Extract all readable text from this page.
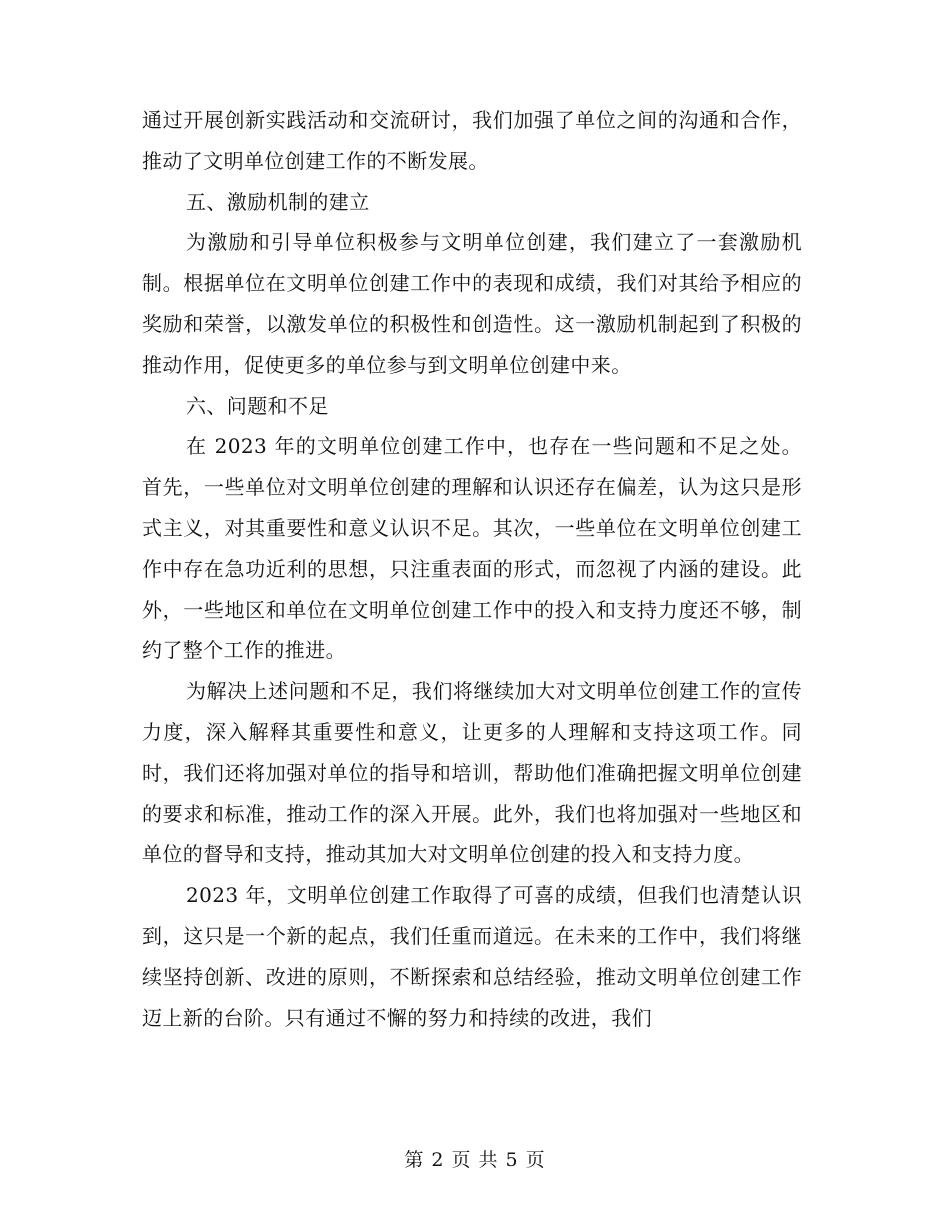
通过开展创新实践活动和交流研讨，我们加强了单位之间的沟通和合作，推动了文明单位创建工作的不断发展。

五、激励机制的建立

为激励和引导单位积极参与文明单位创建，我们建立了一套激励机制。根据单位在文明单位创建工作中的表现和成绩，我们对其给予相应的奖励和荣誉，以激发单位的积极性和创造性。这一激励机制起到了积极的推动作用，促使更多的单位参与到文明单位创建中来。

六、问题和不足

在 2023 年的文明单位创建工作中，也存在一些问题和不足之处。首先，一些单位对文明单位创建的理解和认识还存在偏差，认为这只是形式主义，对其重要性和意义认识不足。其次，一些单位在文明单位创建工作中存在急功近利的思想，只注重表面的形式，而忽视了内涵的建设。此外，一些地区和单位在文明单位创建工作中的投入和支持力度还不够，制约了整个工作的推进。

为解决上述问题和不足，我们将继续加大对文明单位创建工作的宣传力度，深入解释其重要性和意义，让更多的人理解和支持这项工作。同时，我们还将加强对单位的指导和培训，帮助他们准确把握文明单位创建的要求和标准，推动工作的深入开展。此外，我们也将加强对一些地区和单位的督导和支持，推动其加大对文明单位创建的投入和支持力度。

2023 年，文明单位创建工作取得了可喜的成绩，但我们也清楚认识到，这只是一个新的起点，我们任重而道远。在未来的工作中，我们将继续坚持创新、改进的原则，不断探索和总结经验，推动文明单位创建工作迈上新的台阶。只有通过不懈的努力和持续的改进，我们

第 2 页 共 5 页
